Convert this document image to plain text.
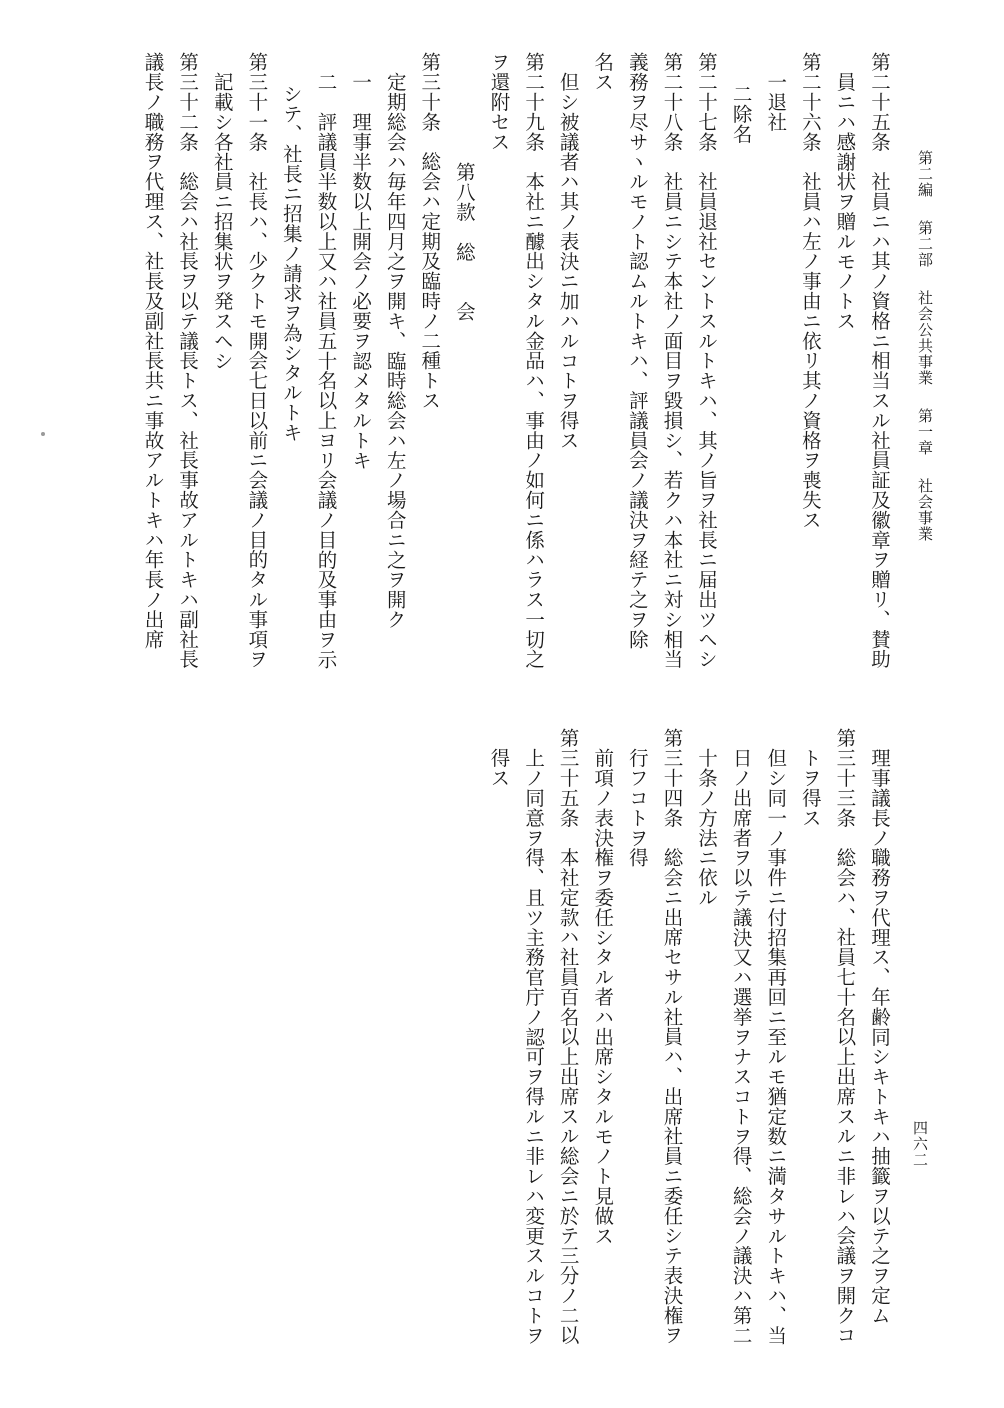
第二編第二部社会公共事業第一章社会事業
第二十五条　社員ニハ其ノ資格ニ相当スル社員証及徽章ヲ贈リ、賛助
員ニハ感謝状ヲ贈ルモノトス
第二十六条　社員ハ左ノ事由ニ依リ其ノ資格ヲ喪失ス
一退社
二除名
第二十七条　社員退社セントスルトキハ、其ノ旨ヲ社長ニ届出ツヘシ
第二十八条　社員ニシテ本社ノ面目ヲ毀損シ、若クハ本社ニ対シ相当
義務ヲ尽サヽルモノト認ムルトキハ、評議員会ノ議決ヲ経テ之ヲ除
名ス
但シ被議者ハ其ノ表決ニ加ハルコトヲ得ス
第二十九条　本社ニ醵出シタル金品ハ、事由ノ如何ニ係ハラス一切之
ヲ還附セス
第八款　総　　会
第三十条　総会ハ定期及臨時ノ二種トス
定期総会ハ毎年四月之ヲ開キ、臨時総会ハ左ノ場合ニ之ヲ開ク
一　理事半数以上開会ノ必要ヲ認メタルトキ
二　評議員半数以上又ハ社員五十名以上ヨリ会議ノ目的及事由ヲ示
シテ、社長ニ招集ノ請求ヲ為シタルトキ
第三十一条　社長ハ、少クトモ開会七日以前ニ会議ノ目的タル事項ヲ
記載シ各社員ニ招集状ヲ発スヘシ
第三十二条　総会ハ社長ヲ以テ議長トス、社長事故アルトキハ副社長
議長ノ職務ヲ代理ス、社長及副社長共ニ事故アルトキハ年長ノ出席
理事議長ノ職務ヲ代理ス、年齢同シキトキハ抽籤ヲ以テ之ヲ定ム
第三十三条　総会ハ、社員七十名以上出席スルニ非レハ会議ヲ開クコ
トヲ得ス
但シ同一ノ事件ニ付招集再回ニ至ルモ猶定数ニ満タサルトキハ、当
日ノ出席者ヲ以テ議決又ハ選挙ヲナスコトヲ得、総会ノ議決ハ第二
十条ノ方法ニ依ル
第三十四条　総会ニ出席セサル社員ハ、出席社員ニ委任シテ表決権ヲ
行フコトヲ得
前項ノ表決権ヲ委任シタル者ハ出席シタルモノト見做ス
第三十五条　本社定款ハ社員百名以上出席スル総会ニ於テ三分ノ二以
上ノ同意ヲ得、且ツ主務官庁ノ認可ヲ得ルニ非レハ変更スルコトヲ
得ス
四六二
